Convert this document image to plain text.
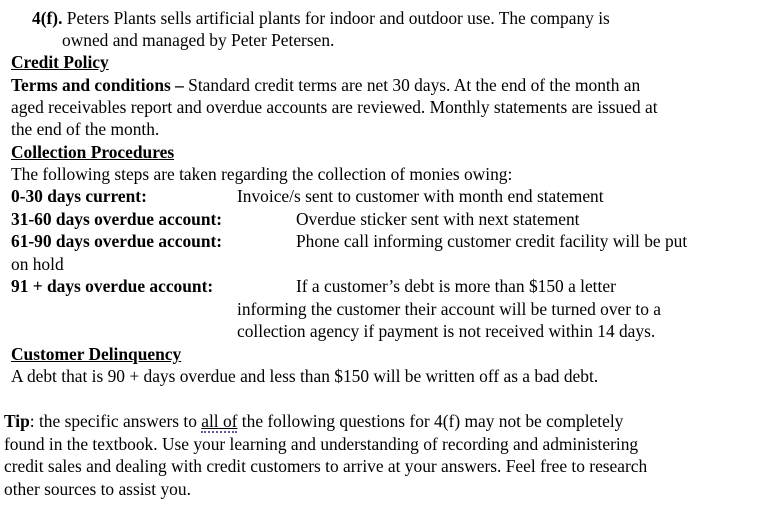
4(f). Peters Plants sells artificial plants for indoor and outdoor use. The company is
owned and managed by Peter Petersen.
Credit Policy
Terms and conditions – Standard credit terms are net 30 days. At the end of the month an
aged receivables report and overdue accounts are reviewed. Monthly statements are issued at
the end of the month.
Collection Procedures
The following steps are taken regarding the collection of monies owing:
0-30 days current:	Invoice/s sent to customer with month end statement
31-60 days overdue account:	Overdue sticker sent with next statement
61-90 days overdue account:	Phone call informing customer credit facility will be put
on hold
91 + days overdue account:	If a customer’s debt is more than $150 a letter
informing the customer their account will be turned over to a
collection agency if payment is not received within 14 days.
Customer Delinquency
A debt that is 90 + days overdue and less than $150 will be written off as a bad debt.
Tip: the specific answers to all of the following questions for 4(f) may not be completely
found in the textbook. Use your learning and understanding of recording and administering
credit sales and dealing with credit customers to arrive at your answers. Feel free to research
other sources to assist you.
